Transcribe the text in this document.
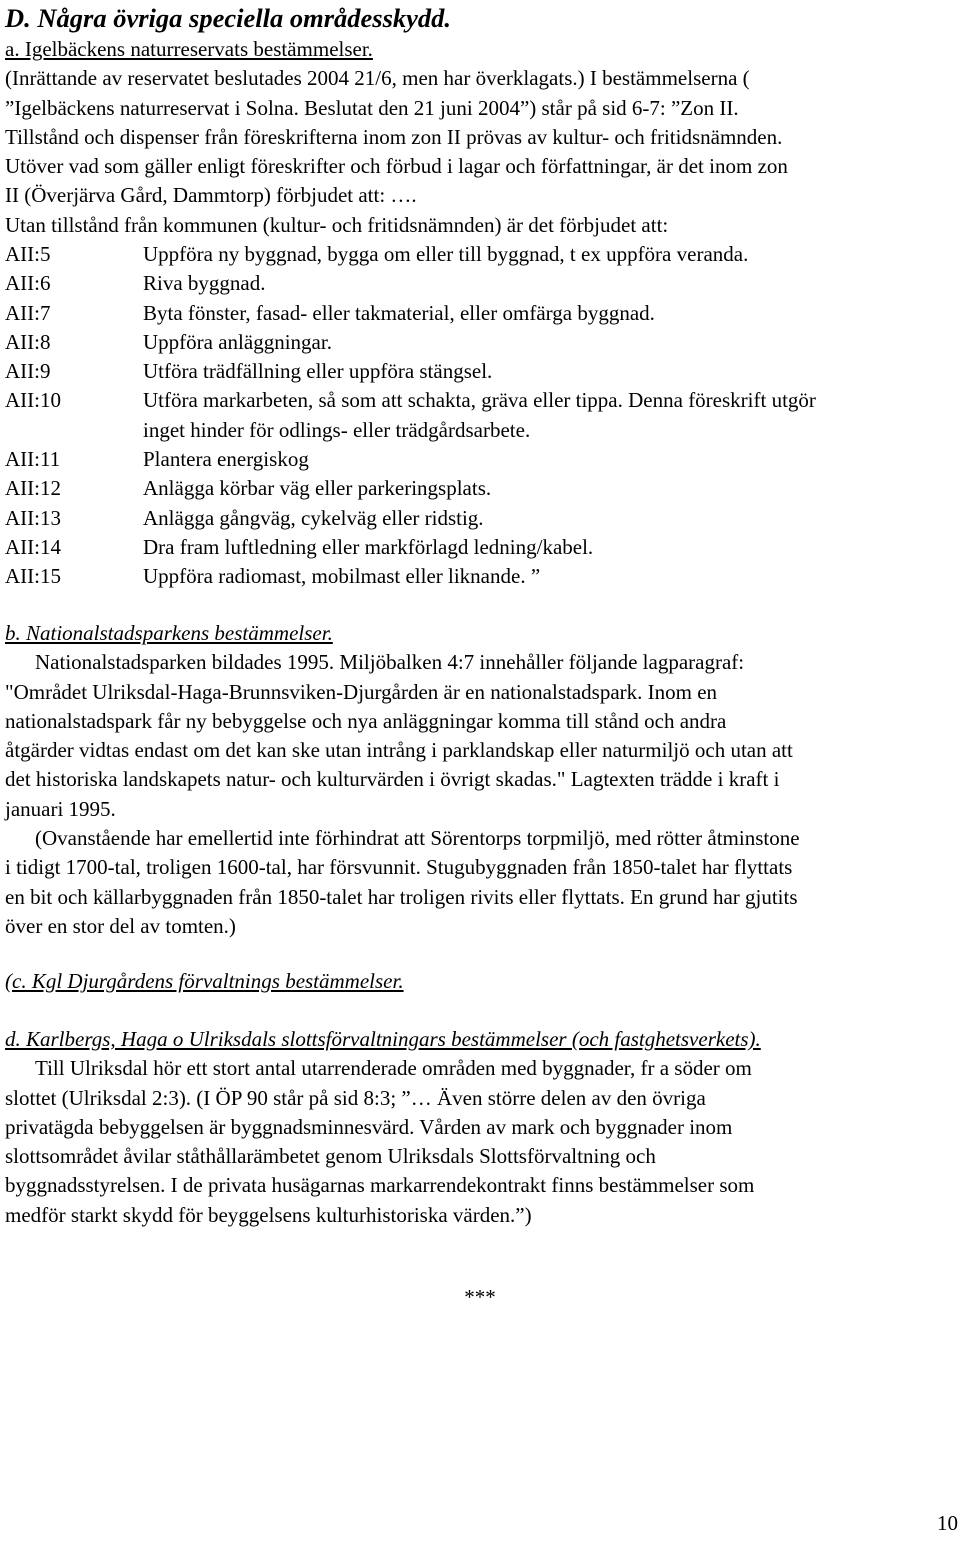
D. Några övriga speciella områdesskydd.
a. Igelbäckens naturreservats bestämmelser.
(Inrättande av reservatet beslutades 2004 21/6, men har överklagats.) I bestämmelserna (
”Igelbäckens naturreservat i Solna. Beslutat den 21 juni 2004”) står på sid 6-7: ”Zon II.
Tillstånd och dispenser från föreskrifterna inom zon II prövas av kultur- och fritidsnämnden.
Utöver vad som gäller enligt föreskrifter och förbud i lagar och författningar, är det inom zon
II (Överjärva Gård, Dammtorp) förbjudet att: ….
Utan tillstånd från kommunen (kultur- och fritidsnämnden) är det förbjudet att:
AII:5	Uppföra ny byggnad, bygga om eller till byggnad, t ex uppföra veranda.
AII:6	Riva byggnad.
AII:7	Byta fönster, fasad- eller takmaterial, eller omfärga byggnad.
AII:8	Uppföra anläggningar.
AII:9	Utföra trädfällning eller uppföra stängsel.
AII:10	Utföra markarbeten, så som att schakta, gräva eller tippa. Denna föreskrift utgör
inget hinder för odlings- eller trädgårdsarbete.
AII:11	Plantera energiskog
AII:12	Anlägga körbar väg eller parkeringsplats.
AII:13	Anlägga gångväg, cykelväg eller ridstig.
AII:14	Dra fram luftledning eller markförlagd ledning/kabel.
AII:15	Uppföra radiomast, mobilmast eller liknande. ”
b. Nationalstadsparkens bestämmelser.
Nationalstadsparken bildades 1995. Miljöbalken 4:7 innehåller följande lagparagraf:
"Området Ulriksdal-Haga-Brunnsviken-Djurgården är en nationalstadspark. Inom en
nationalstadspark får ny bebyggelse och nya anläggningar komma till stånd och andra
åtgärder vidtas endast om det kan ske utan intrång i parklandskap eller naturmiljö och utan att
det historiska landskapets natur- och kulturvärden i övrigt skadas." Lagtexten trädde i kraft i
januari 1995.
(Ovanstående har emellertid inte förhindrat att Sörentorps torpmiljö, med rötter åtminstone
i tidigt 1700-tal, troligen 1600-tal, har försvunnit. Stugubyggnaden från 1850-talet har flyttats
en bit och källarbyggnaden från 1850-talet har troligen rivits eller flyttats. En grund har gjutits
över en stor del av tomten.)
(c. Kgl Djurgårdens förvaltnings bestämmelser.
d. Karlbergs, Haga o Ulriksdals slottsförvaltningars bestämmelser (och fastghetsverkets).
Till Ulriksdal hör ett stort antal utarrenderade områden med byggnader, fr a söder om
slottet (Ulriksdal 2:3). (I ÖP 90 står på sid 8:3; ”… Även större delen av den övriga
privatägda bebyggelsen är byggnadsminnesvärd. Vården av mark och byggnader inom
slottsområdet åvilar ståthållarämbetet genom Ulriksdals Slottsförvaltning och
byggnadsstyrelsen. I de privata husägarnas markarrendekontrakt finns bestämmelser som
medför starkt skydd för beyggelsens kulturhistoriska värden.”)
***
10
